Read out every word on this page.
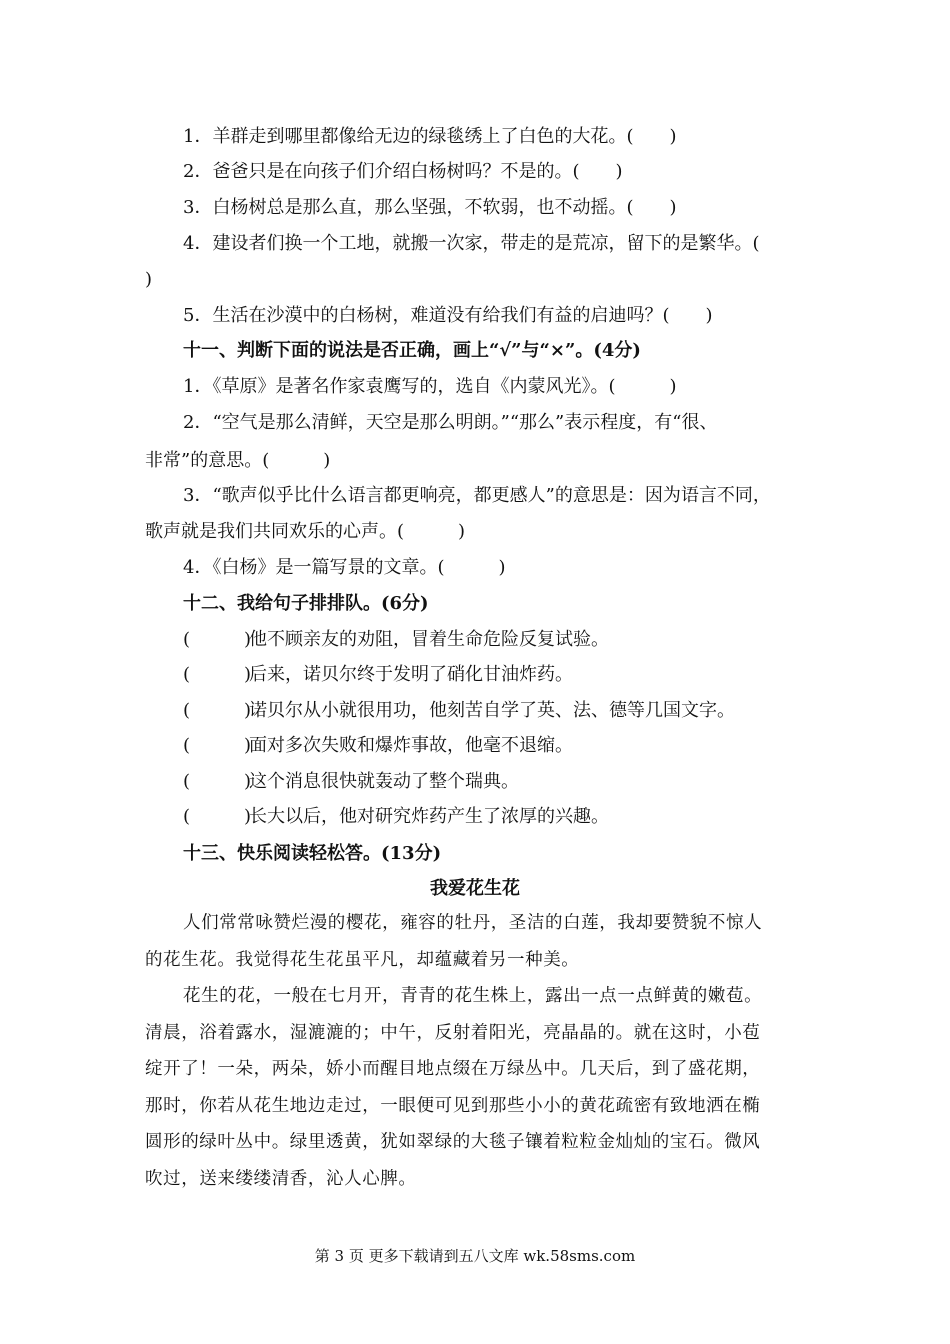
1．羊群走到哪里都像给无边的绿毯绣上了白色的大花。(　　)
2．爸爸只是在向孩子们介绍白杨树吗？不是的。(　　)
3．白杨树总是那么直，那么坚强，不软弱，也不动摇。(　　)
4．建设者们换一个工地，就搬一次家，带走的是荒凉，留下的是繁华。(
)
5．生活在沙漠中的白杨树，难道没有给我们有益的启迪吗？(　　)
十一、判断下面的说法是否正确，画上“√”与“×”。(4分)
1．《草原》是著名作家袁鹰写的，选自《内蒙风光》。(　　　)
2．“空气是那么清鲜，天空是那么明朗。”“那么”表示程度，有“很、
非常”的意思。(　　　)
3．“歌声似乎比什么语言都更响亮，都更感人”的意思是：因为语言不同，
歌声就是我们共同欢乐的心声。(　　　)
4．《白杨》是一篇写景的文章。(　　　)
十二、我给句子排排队。(6分)
(　　　)他不顾亲友的劝阻，冒着生命危险反复试验。
(　　　)后来，诺贝尔终于发明了硝化甘油炸药。
(　　　)诺贝尔从小就很用功，他刻苦自学了英、法、德等几国文字。
(　　　)面对多次失败和爆炸事故，他毫不退缩。
(　　　)这个消息很快就轰动了整个瑞典。
(　　　)长大以后，他对研究炸药产生了浓厚的兴趣。
十三、快乐阅读轻松答。(13分)
我爱花生花
人们常常咏赞烂漫的樱花，雍容的牡丹，圣洁的白莲，我却要赞貌不惊人
的花生花。我觉得花生花虽平凡，却蕴藏着另一种美。
花生的花，一般在七月开，青青的花生株上，露出一点一点鲜黄的嫩苞。
清晨，浴着露水，湿漉漉的；中午，反射着阳光，亮晶晶的。就在这时，小苞
绽开了！一朵，两朵，娇小而醒目地点缀在万绿丛中。几天后，到了盛花期，
那时，你若从花生地边走过，一眼便可见到那些小小的黄花疏密有致地洒在椭
圆形的绿叶丛中。绿里透黄，犹如翠绿的大毯子镶着粒粒金灿灿的宝石。微风
吹过，送来缕缕清香，沁人心脾。
第 3 页 更多下载请到五八文库 wk.58sms.com
